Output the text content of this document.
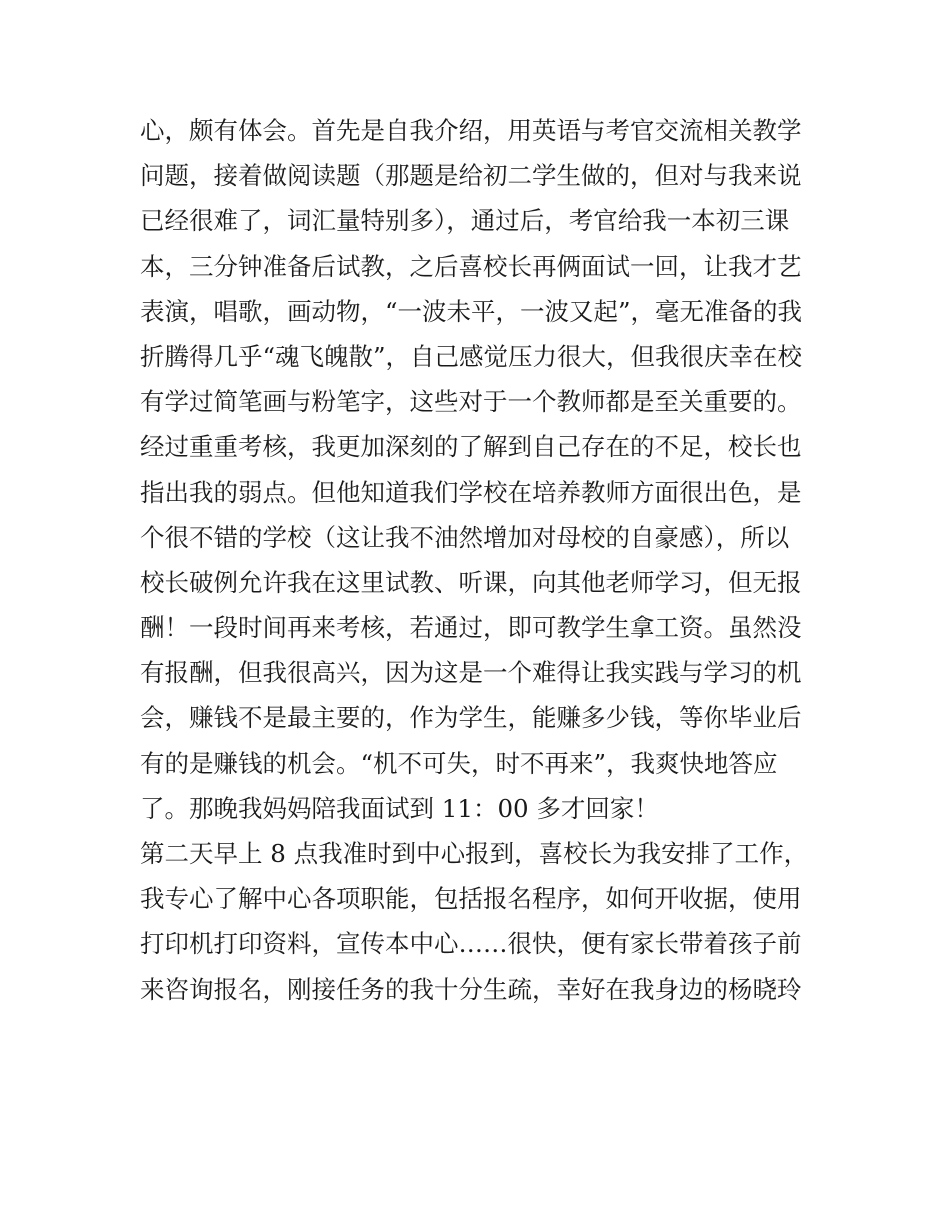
心，颇有体会。首先是自我介绍，用英语与考官交流相关教学
问题，接着做阅读题（那题是给初二学生做的，但对与我来说
已经很难了，词汇量特别多），通过后，考官给我一本初三课
本，三分钟准备后试教，之后喜校长再俩面试一回，让我才艺
表演，唱歌，画动物，“一波未平，一波又起”，毫无准备的我
折腾得几乎“魂飞魄散”，自己感觉压力很大，但我很庆幸在校
有学过简笔画与粉笔字，这些对于一个教师都是至关重要的。
经过重重考核，我更加深刻的了解到自己存在的不足，校长也
指出我的弱点。但他知道我们学校在培养教师方面很出色，是
个很不错的学校（这让我不油然增加对母校的自豪感），所以
校长破例允许我在这里试教、听课，向其他老师学习，但无报
酬！一段时间再来考核，若通过，即可教学生拿工资。虽然没
有报酬，但我很高兴，因为这是一个难得让我实践与学习的机
会，赚钱不是最主要的，作为学生，能赚多少钱，等你毕业后
有的是赚钱的机会。“机不可失，时不再来”，我爽快地答应
了。那晚我妈妈陪我面试到 11：00 多才回家！
第二天早上 8 点我准时到中心报到，喜校长为我安排了工作，
我专心了解中心各项职能，包括报名程序，如何开收据，使用
打印机打印资料，宣传本中心……很快，便有家长带着孩子前
来咨询报名，刚接任务的我十分生疏，幸好在我身边的杨晓玲
